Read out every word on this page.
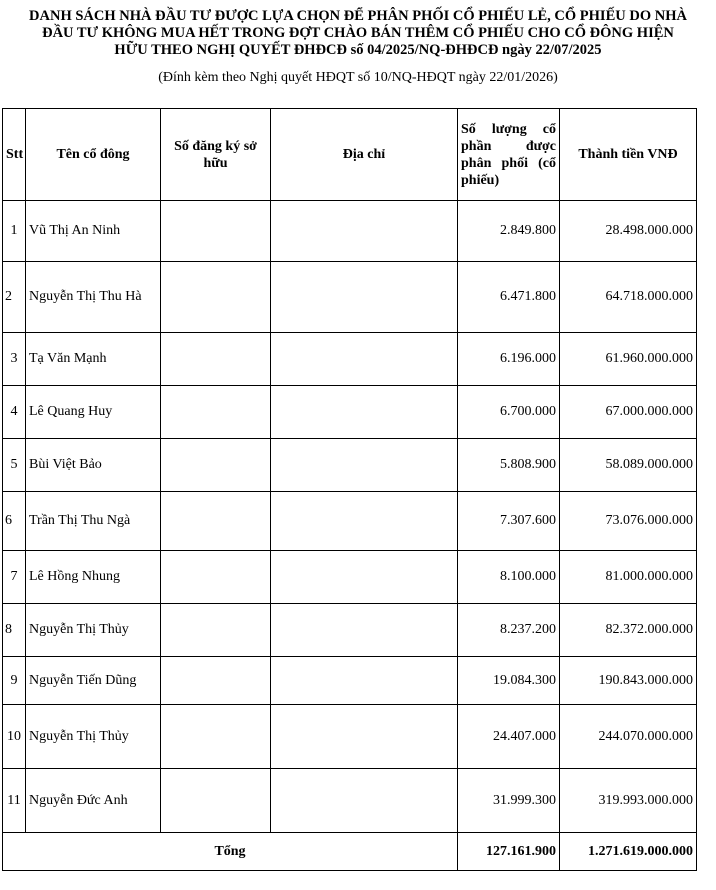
DANH SÁCH NHÀ ĐẦU TƯ ĐƯỢC LỰA CHỌN ĐỂ PHÂN PHỐI CỔ PHIẾU LẺ, CỔ PHIẾU DO NHÀ
ĐẦU TƯ KHÔNG MUA HẾT TRONG ĐỢT CHÀO BÁN THÊM CỔ PHIẾU CHO CỔ ĐÔNG HIỆN
HỮU THEO NGHỊ QUYẾT ĐHĐCĐ số 04/2025/NQ-ĐHĐCĐ ngày 22/07/2025
(Đính kèm theo Nghị quyết HĐQT số 10/NQ-HĐQT ngày 22/01/2026)
Stt	Tên cổ đông	Số đăng ký sở hữu	Địa chỉ	Số lượng cổ phần được phân phối (cổ phiếu)	Thành tiền VNĐ
1	Vũ Thị An Ninh			2.849.800	28.498.000.000
2	Nguyễn Thị Thu Hà			6.471.800	64.718.000.000
3	Tạ Văn Mạnh			6.196.000	61.960.000.000
4	Lê Quang Huy			6.700.000	67.000.000.000
5	Bùi Việt Bảo			5.808.900	58.089.000.000
6	Trần Thị Thu Ngà			7.307.600	73.076.000.000
7	Lê Hồng Nhung			8.100.000	81.000.000.000
8	Nguyễn Thị Thủy			8.237.200	82.372.000.000
9	Nguyễn Tiến Dũng			19.084.300	190.843.000.000
10	Nguyễn Thị Thủy			24.407.000	244.070.000.000
11	Nguyễn Đức Anh			31.999.300	319.993.000.000
Tổng				127.161.900	1.271.619.000.000
